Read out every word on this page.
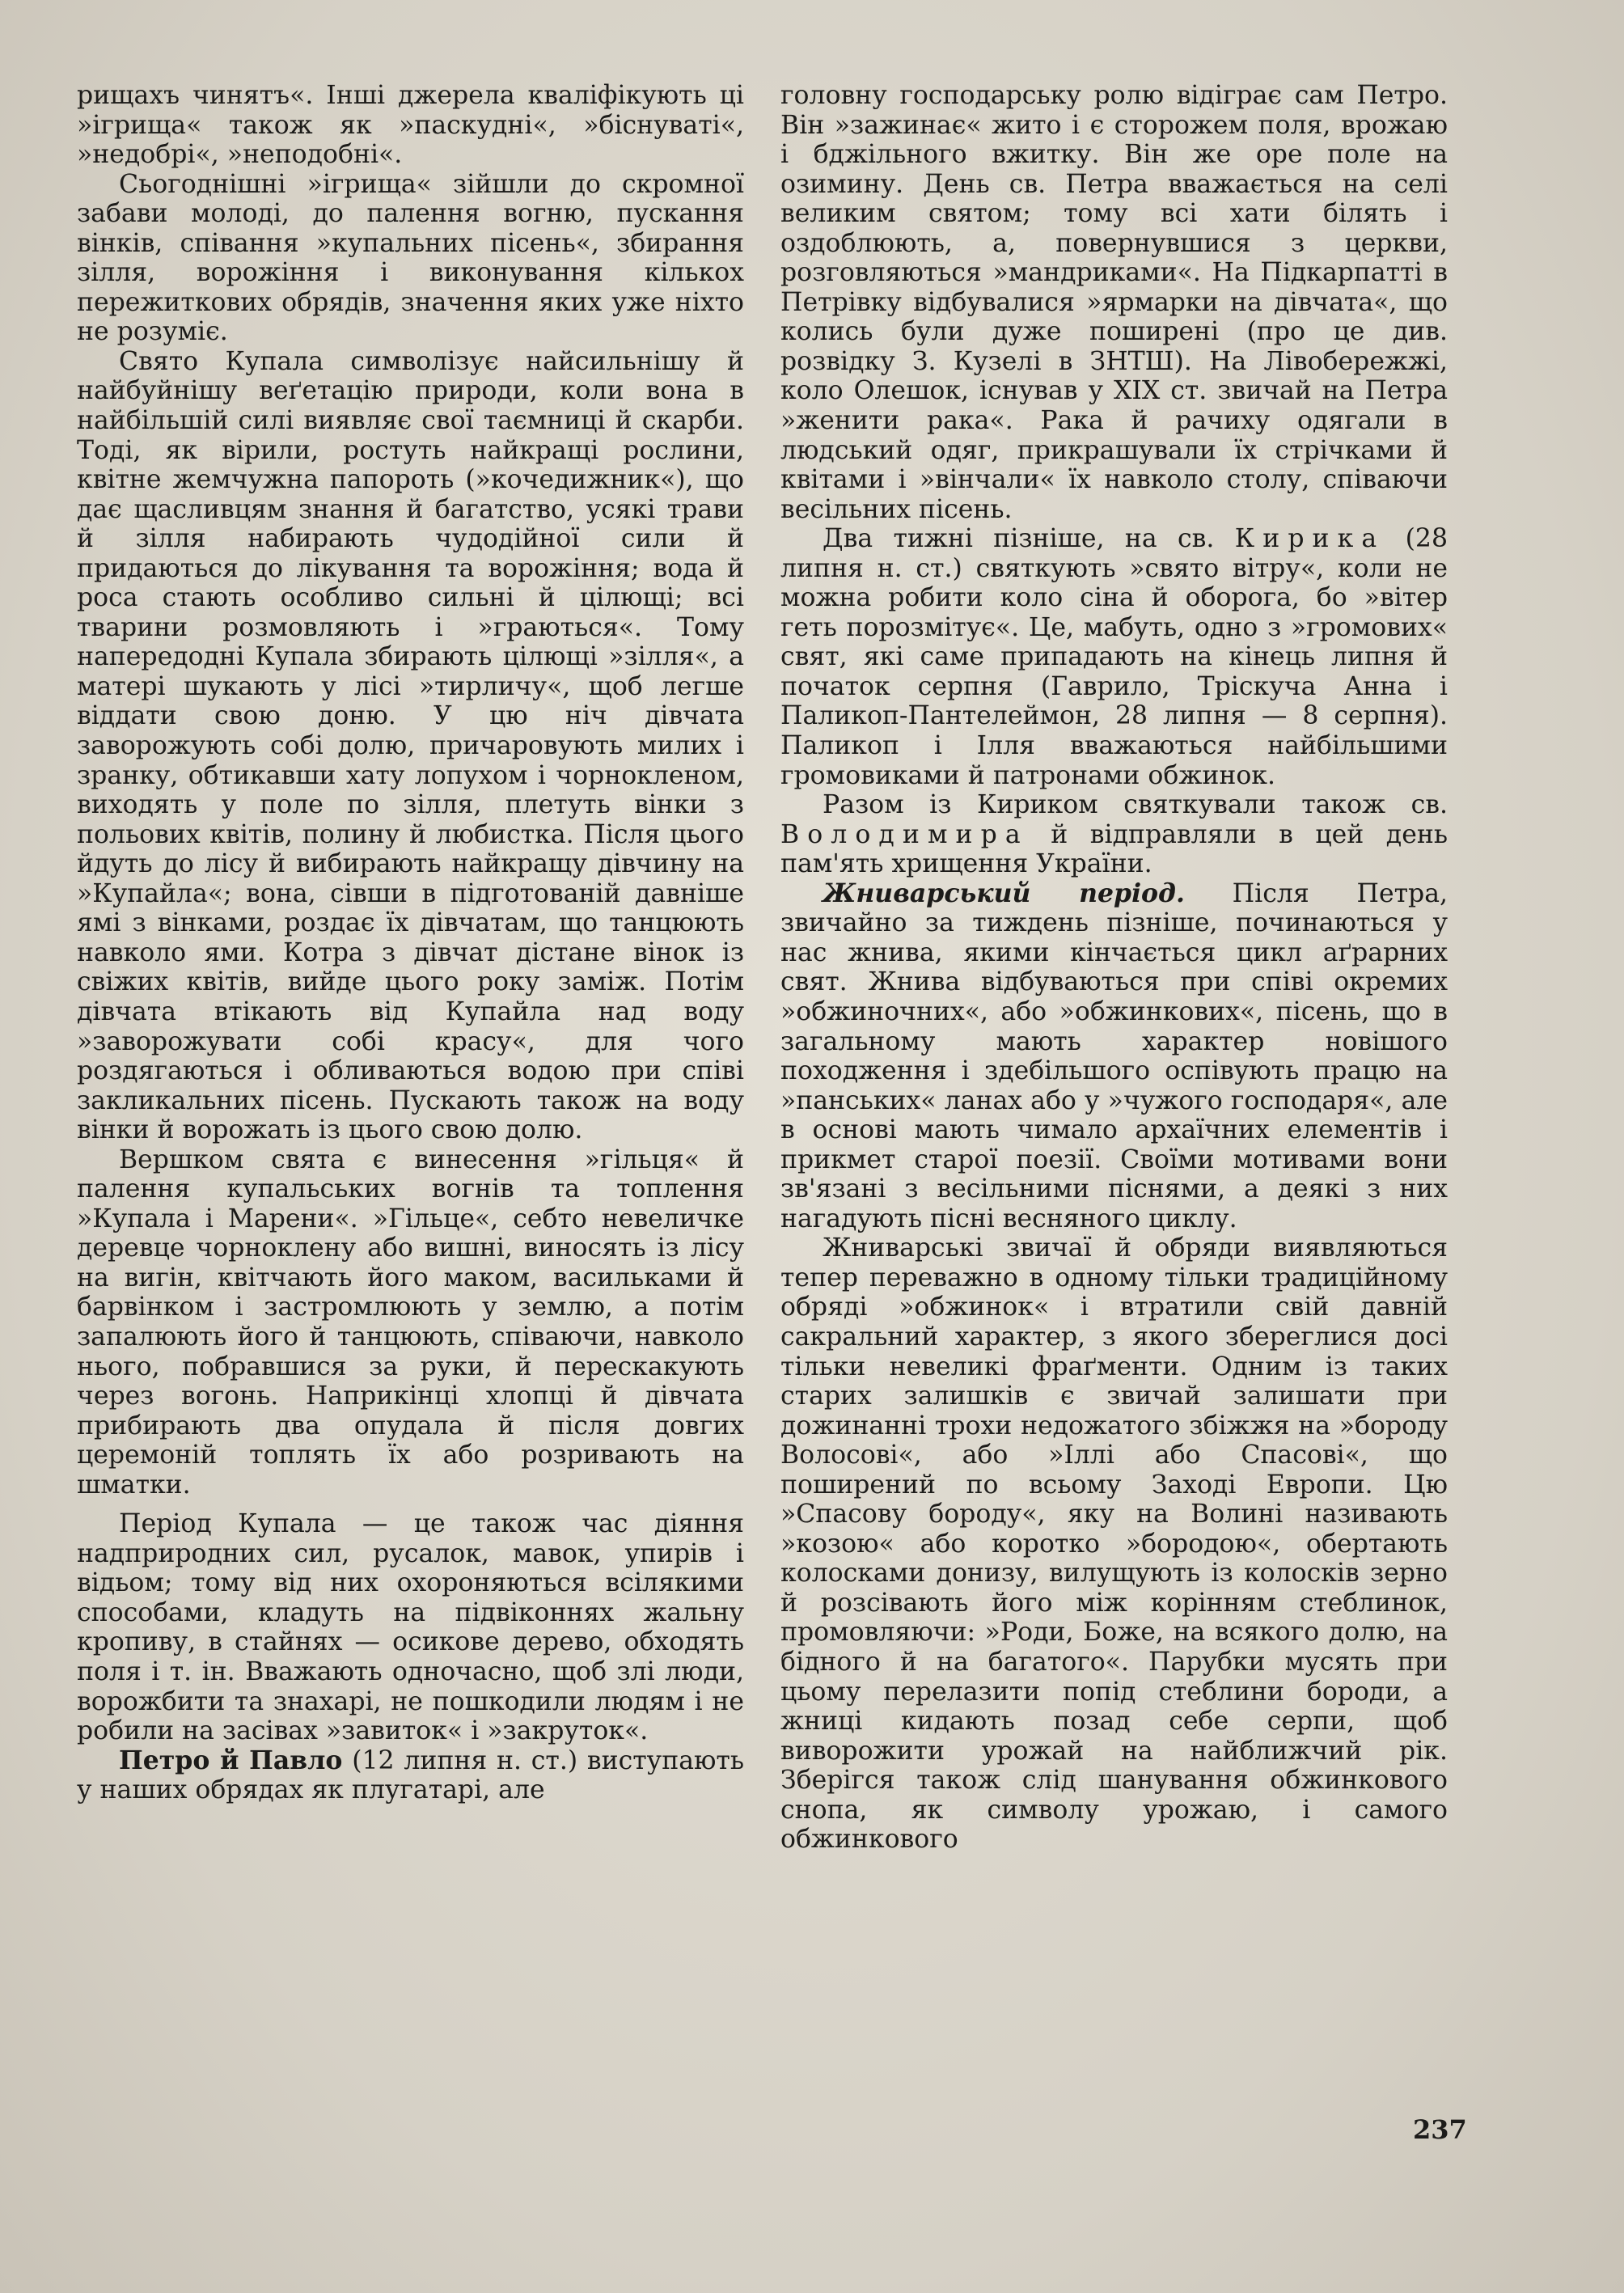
рищахъ чинятъ«. Інші джерела кваліфікують ці »ігрища« також як »паскудні«, »біснуваті«, »недобрі«, »неподобні«.

Сьогоднішні »ігрища« зійшли до скромної забави молоді, до палення вогню, пускання вінків, співання »купальних пісень«, збирання зілля, ворожіння і виконування кількох пережиткових обрядів, значення яких уже ніхто не розуміє.

Свято Купала символізує найсильнішу й найбуйнішу веґетацію природи, коли вона в найбільшій силі виявляє свої таємниці й скарби. Тоді, як вірили, ростуть найкращі рослини, квітне жемчужна папороть (»кочедижник«), що дає щасливцям знання й багатство, усякі трави й зілля набирають чудодійної сили й придаються до лікування та ворожіння; вода й роса стають особливо сильні й цілющі; всі тварини розмовляють і »граються«. Тому напередодні Купала збирають цілющі »зілля«, а матері шукають у лісі »тирличу«, щоб легше віддати свою доню. У цю ніч дівчата заворожують собі долю, причаровують милих і зранку, обтикавши хату лопухом і чорнокленом, виходять у поле по зілля, плетуть вінки з польових квітів, полину й любистка. Після цього йдуть до лісу й вибирають найкращу дівчину на »Купайла«; вона, сівши в підготованій давніше ямі з вінками, роздає їх дівчатам, що танцюють навколо ями. Котра з дівчат дістане вінок із свіжих квітів, вийде цього року заміж. Потім дівчата втікають від Купайла над воду »заворожувати собі красу«, для чого роздягаються і обливаються водою при співі закликальних пісень. Пускають також на воду вінки й ворожать із цього свою долю.

Вершком свята є винесення »гільця« й палення купальських вогнів та топлення »Купала і Марени«. »Гільце«, себто невеличке деревце чорноклену або вишні, виносять із лісу на вигін, квітчають його маком, васильками й барвінком і застромлюють у землю, а потім запалюють його й танцюють, співаючи, навколо нього, побравшися за руки, й перескакують через вогонь. Наприкінці хлопці й дівчата прибирають два опудала й після довгих церемоній топлять їх або розривають на шматки.

Період Купала — це також час діяння надприродних сил, русалок, мавок, упирів і відьом; тому від них охороняються всілякими способами, кладуть на підвіконнях жальну кропиву, в стайнях — осикове дерево, обходять поля і т. ін. Вважають одночасно, щоб злі люди, ворожбити та знахарі, не пошкодили людям і не робили на засівах »завиток« і »закруток«.

Петро й Павло (12 липня н. ст.) виступають у наших обрядах як плугатарі, але

головну господарську ролю відіграє сам Петро. Він »зажинає« жито і є сторожем поля, врожаю і бджільного вжитку. Він же оре поле на озимину. День св. Петра вважається на селі великим святом; тому всі хати білять і оздоблюють, а, повернувшися з церкви, розговляються »мандриками«. На Підкарпатті в Петрівку відбувалися »ярмарки на дівчата«, що колись були дуже поширені (про це див. розвідку З. Кузелі в ЗНТШ). На Лівобережжі, коло Олешок, існував у XIX ст. звичай на Петра »женити рака«. Рака й рачиху одягали в людський одяг, прикрашували їх стрічками й квітами і »вінчали« їх навколо столу, співаючи весільних пісень.

Два тижні пізніше, на св. Кирика (28 липня н. ст.) святкують »свято вітру«, коли не можна робити коло сіна й оборога, бо »вітер геть порозмітує«. Це, мабуть, одно з »громових« свят, які саме припадають на кінець липня й початок серпня (Гаврило, Тріскуча Анна і Паликоп-Пантелеймон, 28 липня — 8 серпня). Паликоп і Ілля вважаються найбільшими громовиками й патронами обжинок.

Разом із Кириком святкували також св. Володимира й відправляли в цей день пам'ять хрищення України.

Жниварський період. Після Петра, звичайно за тиждень пізніше, починаються у нас жнива, якими кінчається цикл аґрарних свят. Жнива відбуваються при співі окремих »обжиночних«, або »обжинкових«, пісень, що в загальному мають характер новішого походження і здебільшого оспівують працю на »панських« ланах або у »чужого господаря«, але в основі мають чимало архаїчних елементів і прикмет старої поезії. Своїми мотивами вони зв'язані з весільними піснями, а деякі з них нагадують пісні весняного циклу.

Жниварські звичаї й обряди виявляються тепер переважно в одному тільки традиційному обряді »обжинок« і втратили свій давній сакральний характер, з якого збереглися досі тільки невеликі фраґменти. Одним із таких старих залишків є звичай залишати при дожинанні трохи недожатого збіжжя на »бороду Волосові«, або »Іллі або Спасові«, що поширений по всьому Заході Европи. Цю »Спасову бороду«, яку на Волині називають »козою« або коротко »бородою«, обертають колосками донизу, вилущують із колосків зерно й розсівають його між корінням стеблинок, промовляючи: »Роди, Боже, на всякого долю, на бідного й на багатого«. Парубки мусять при цьому перелазити попід стеблини бороди, а жниці кидають позад себе серпи, щоб виворожити урожай на найближчий рік. Зберігся також слід шанування обжинкового снопа, як символу урожаю, і самого обжинкового

237
